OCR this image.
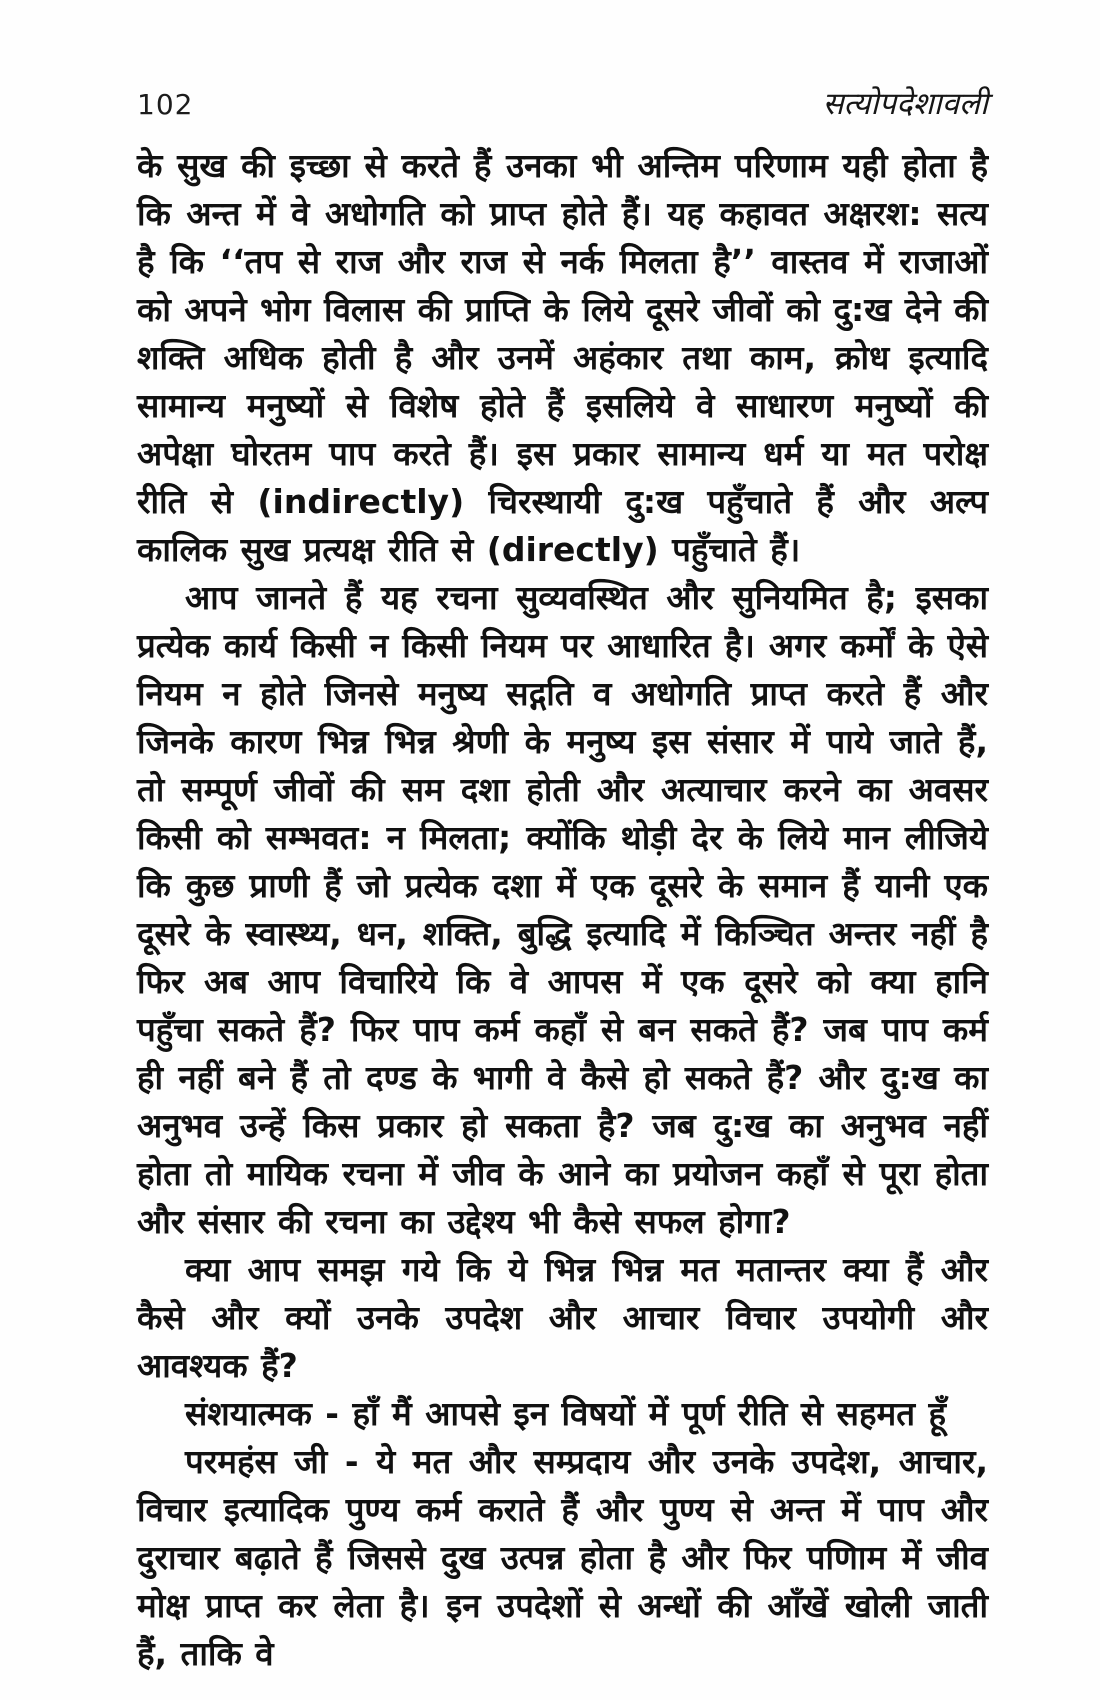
102	सत्योपदेशावली

के सुख की इच्छा से करते हैं उनका भी अन्तिम परिणाम यही होता है कि अन्त में वे अधोगति को प्राप्त होते हैं। यह कहावत अक्षरश: सत्य है कि ‘‘तप से राज और राज से नर्क मिलता है’’ वास्तव में राजाओं को अपने भोग विलास की प्राप्ति के लिये दूसरे जीवों को दु:ख देने की शक्ति अधिक होती है और उनमें अहंकार तथा काम, क्रोध इत्यादि सामान्य मनुष्यों से विशेष होते हैं इसलिये वे साधारण मनुष्यों की अपेक्षा घोरतम पाप करते हैं। इस प्रकार सामान्य धर्म या मत परोक्ष रीति से (indirectly) चिरस्थायी दु:ख पहुँचाते हैं और अल्प कालिक सुख प्रत्यक्ष रीति से (directly) पहुँचाते हैं।

आप जानते हैं यह रचना सुव्यवस्थित और सुनियमित है; इसका प्रत्येक कार्य किसी न किसी नियम पर आधारित है। अगर कर्मों के ऐसे नियम न होते जिनसे मनुष्य सद्गति व अधोगति प्राप्त करते हैं और जिनके कारण भिन्न भिन्न श्रेणी के मनुष्य इस संसार में पाये जाते हैं, तो सम्पूर्ण जीवों की सम दशा होती और अत्याचार करने का अवसर किसी को सम्भवत: न मिलता; क्योंकि थोड़ी देर के लिये मान लीजिये कि कुछ प्राणी हैं जो प्रत्येक दशा में एक दूसरे के समान हैं यानी एक दूसरे के स्वास्थ्य, धन, शक्ति, बुद्धि इत्यादि में किञ्चित अन्तर नहीं है फिर अब आप विचारिये कि वे आपस में एक दूसरे को क्या हानि पहुँचा सकते हैं? फिर पाप कर्म कहाँ से बन सकते हैं? जब पाप कर्म ही नहीं बने हैं तो दण्ड के भागी वे कैसे हो सकते हैं? और दु:ख का अनुभव उन्हें किस प्रकार हो सकता है? जब दु:ख का अनुभव नहीं होता तो मायिक रचना में जीव के आने का प्रयोजन कहाँ से पूरा होता और संसार की रचना का उद्देश्य भी कैसे सफल होगा?

क्या आप समझ गये कि ये भिन्न भिन्न मत मतान्तर क्या हैं और कैसे और क्यों उनके उपदेश और आचार विचार उपयोगी और आवश्यक हैं?

संशयात्मक - हाँ मैं आपसे इन विषयों में पूर्ण रीति से सहमत हूँ

परमहंस जी - ये मत और सम्प्रदाय और उनके उपदेश, आचार, विचार इत्यादिक पुण्य कर्म कराते हैं और पुण्य से अन्त में पाप और दुराचार बढ़ाते हैं जिससे दुख उत्पन्न होता है और फिर पणिाम में जीव मोक्ष प्राप्त कर लेता है। इन उपदेशों से अन्धों की आँखें खोली जाती हैं, ताकि वे
